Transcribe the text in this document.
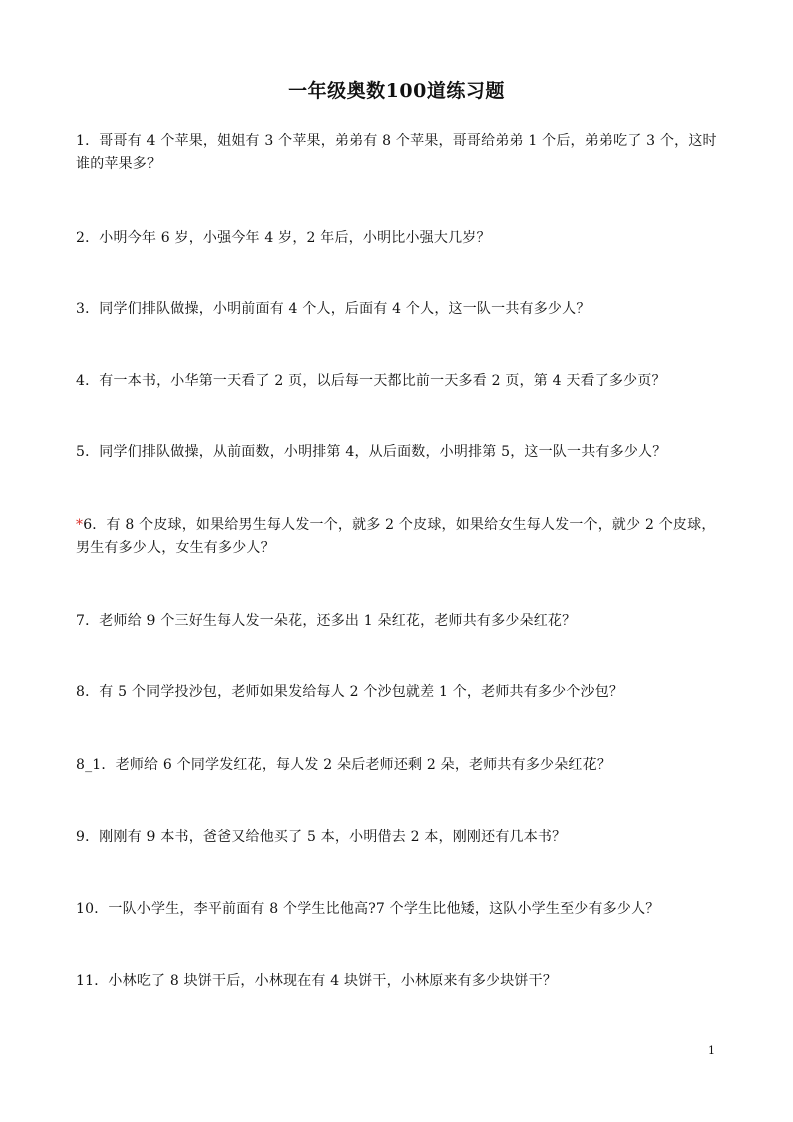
一年级奥数100道练习题
1．哥哥有 4 个苹果，姐姐有 3 个苹果，弟弟有 8 个苹果，哥哥给弟弟 1 个后，弟弟吃了 3 个，这时谁的苹果多？
2．小明今年 6 岁，小强今年 4 岁，2 年后，小明比小强大几岁？
3．同学们排队做操，小明前面有 4 个人，后面有 4 个人，这一队一共有多少人？
4．有一本书，小华第一天看了 2 页，以后每一天都比前一天多看 2 页，第 4 天看了多少页？
5．同学们排队做操，从前面数，小明排第 4，从后面数，小明排第 5，这一队一共有多少人？
*6．有 8 个皮球，如果给男生每人发一个，就多 2 个皮球，如果给女生每人发一个，就少 2 个皮球，男生有多少人，女生有多少人？
7．老师给 9 个三好生每人发一朵花，还多出 1 朵红花，老师共有多少朵红花？
8．有 5 个同学投沙包，老师如果发给每人 2 个沙包就差 1 个，老师共有多少个沙包？
8_1．老师给 6 个同学发红花，每人发 2 朵后老师还剩 2 朵，老师共有多少朵红花？
9．刚刚有 9 本书，爸爸又给他买了 5 本，小明借去 2 本，刚刚还有几本书？
10．一队小学生，李平前面有 8 个学生比他高?7 个学生比他矮，这队小学生至少有多少人？
11．小林吃了 8 块饼干后，小林现在有 4 块饼干，小林原来有多少块饼干？
1
